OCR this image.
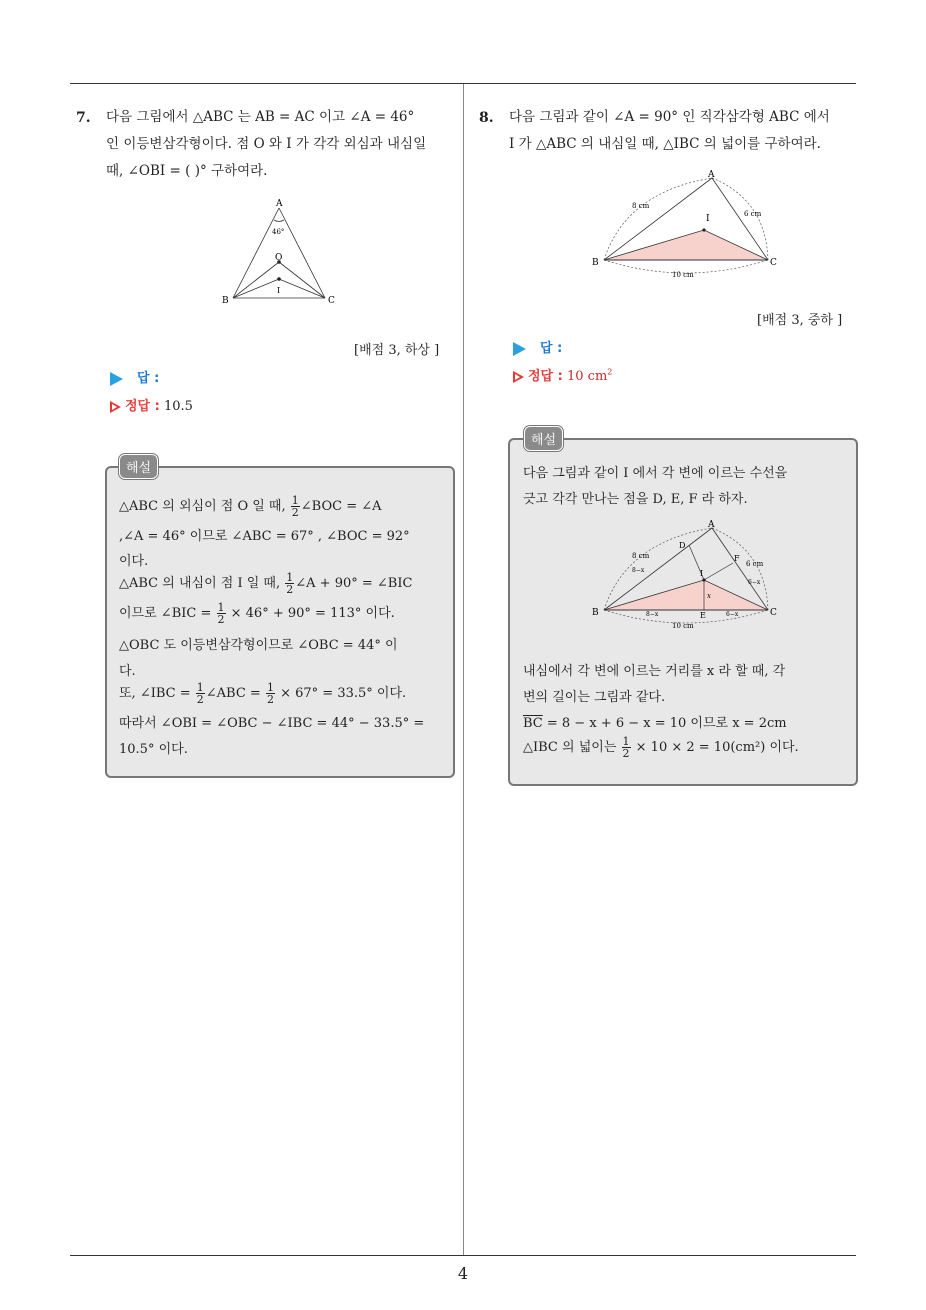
7. 다음 그림에서 △ABC 는 AB = AC 이고 ∠A = 46°
인 이등변삼각형이다. 점 O 와 I 가 각각 외심과 내심일
때, ∠OBI = ( )° 구하여라.
A
B	C
O
I
46°
[배점 3, 하상 ]
답 :
정답 : 10.5
해설
△ABC 의 외심이 점 O 일 때, $\frac{1}{2}$ ∠BOC = ∠A
,∠A = 46° 이므로 ∠ABC = 67° , ∠BOC = 92°
이다.
△ABC 의 내심이 점 I 일 때, $\frac{1}{2}$ ∠A + 90° = ∠BIC
이므로 ∠BIC = $\frac{1}{2} \times 46^\circ + 90^\circ = 113^\circ$ 이다.
△OBC 도 이등변삼각형이므로 ∠OBC = 44° 이
다.
또, ∠IBC = $\frac{1}{2}$ ∠ABC = $\frac{1}{2} \times 67^\circ = 33.5^\circ$ 이다.
따라서 ∠OBI = ∠OBC − ∠IBC = 44° − 33.5° =
10.5° 이다.
8. 다음 그림과 같이 ∠A = 90° 인 직각삼각형 ABC 에서
I 가 △ABC 의 내심일 때, △IBC 의 넓이를 구하여라.
A
B	C
I
8 cm
6 cm
10 cm
[배점 3, 중하 ]
답 :
정답 : 10 $cm^2$
해설
다음 그림과 같이 I 에서 각 변에 이르는 수선을
긋고 각각 만나는 점을 D, E, F 라 하자.
A
B	C
I
D
E
F
8 cm
6 cm
10 cm
x
8−x
6−x
8−x	6−x
내심에서 각 변에 이르는 거리를 x 라 할 때, 각
변의 길이는 그림과 같다.
$\overline{BC} = 8 - x + 6 - x = 10$ 이므로 x = 2cm
△IBC 의 넓이는 $\frac{1}{2} \times 10 \times 2 = 10(cm^2)$ 이다.
4
